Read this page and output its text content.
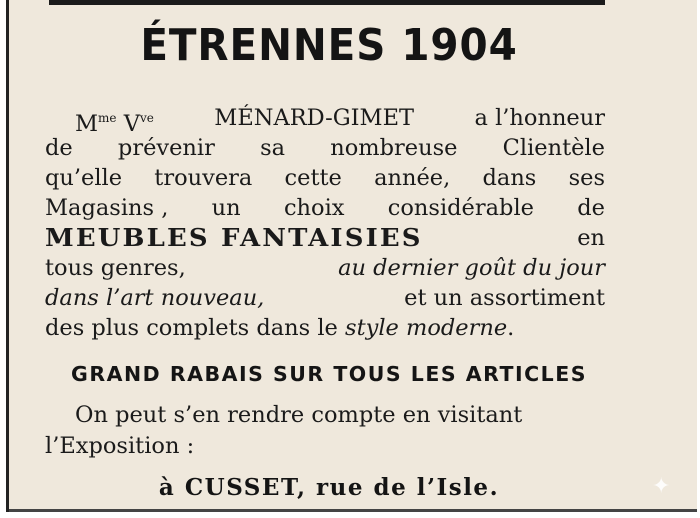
ÉTRENNES 1904
$M^{me}$ $V^{ve}$	MÉNARD-GIMET	a l’honneur
de prévenir sa nombreuse Clientèle
qu’elle trouvera cette année, dans ses
Magasins , un choix considérable de
MEUBLES FANTAISIES	en
tous genres,	au dernier goût du jour
dans l’art nouveau,	et un assortiment
des plus complets dans le
style moderne .
GRAND RABAIS SUR TOUS LES ARTICLES
On peut s’en rendre compte en visitant
l’Exposition :
à CUSSET, rue de l’Isle.	✦
